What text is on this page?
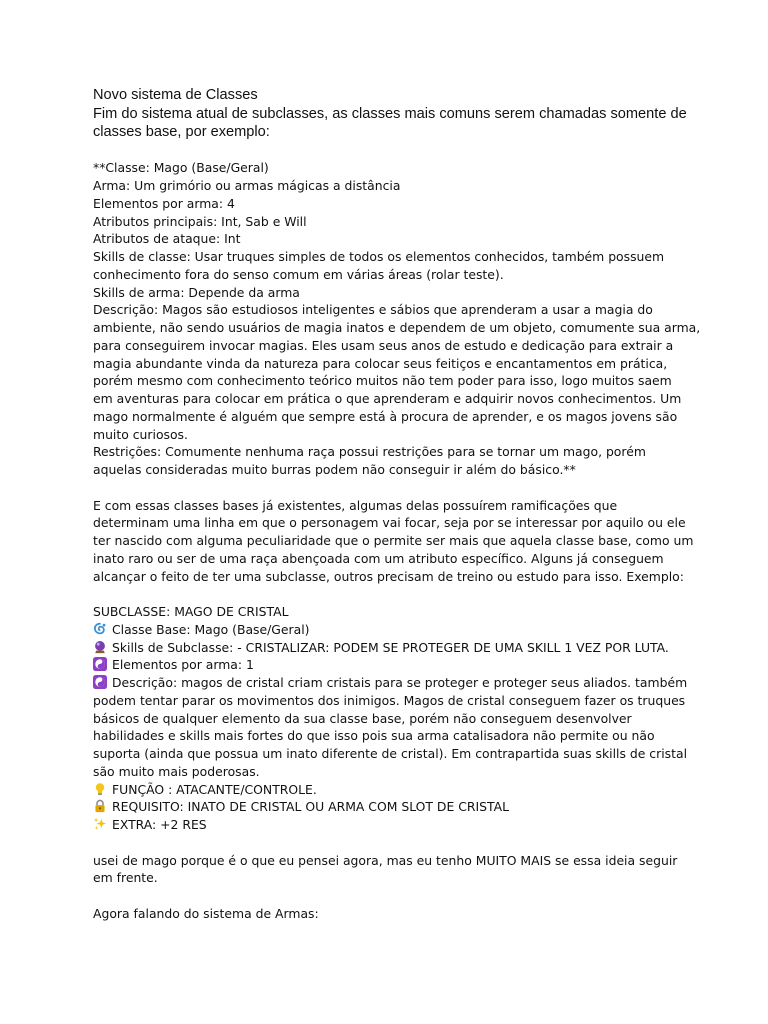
Novo sistema de Classes

Fim do sistema atual de subclasses, as classes mais comuns serem chamadas somente de

classes base, por exemplo:

**Classe: Mago (Base/Geral)

Arma: Um grimório ou armas mágicas a distância

Elementos por arma: 4

Atributos principais: Int, Sab e Will

Atributos de ataque: Int

Skills de classe: Usar truques simples de todos os elementos conhecidos, também possuem

conhecimento fora do senso comum em várias áreas (rolar teste).

Skills de arma: Depende da arma

Descrição: Magos são estudiosos inteligentes e sábios que aprenderam a usar a magia do

ambiente, não sendo usuários de magia inatos e dependem de um objeto, comumente sua arma,

para conseguirem invocar magias. Eles usam seus anos de estudo e dedicação para extrair a

magia abundante vinda da natureza para colocar seus feitiços e encantamentos em prática,

porém mesmo com conhecimento teórico muitos não tem poder para isso, logo muitos saem

em aventuras para colocar em prática o que aprenderam e adquirir novos conhecimentos. Um

mago normalmente é alguém que sempre está à procura de aprender, e os magos jovens são

muito curiosos.

Restrições: Comumente nenhuma raça possui restrições para se tornar um mago, porém

aquelas consideradas muito burras podem não conseguir ir além do básico.**

E com essas classes bases já existentes, algumas delas possuírem ramificações que

determinam uma linha em que o personagem vai focar, seja por se interessar por aquilo ou ele

ter nascido com alguma peculiaridade que o permite ser mais que aquela classe base, como um

inato raro ou ser de uma raça abençoada com um atributo específico. Alguns já conseguem

alcançar o feito de ter uma subclasse, outros precisam de treino ou estudo para isso. Exemplo:

SUBCLASSE: MAGO DE CRISTAL

Classe Base: Mago (Base/Geral)

Skills de Subclasse: - CRISTALIZAR: PODEM SE PROTEGER DE UMA SKILL 1 VEZ POR LUTA.

Elementos por arma: 1

Descrição: magos de cristal criam cristais para se proteger e proteger seus aliados. também

podem tentar parar os movimentos dos inimigos. Magos de cristal conseguem fazer os truques

básicos de qualquer elemento da sua classe base, porém não conseguem desenvolver

habilidades e skills mais fortes do que isso pois sua arma catalisadora não permite ou não

suporta (ainda que possua um inato diferente de cristal). Em contrapartida suas skills de cristal

são muito mais poderosas.

FUNÇÃO : ATACANTE/CONTROLE.

REQUISITO: INATO DE CRISTAL OU ARMA COM SLOT DE CRISTAL

EXTRA: +2 RES

usei de mago porque é o que eu pensei agora, mas eu tenho MUITO MAIS se essa ideia seguir

em frente.

Agora falando do sistema de Armas:
